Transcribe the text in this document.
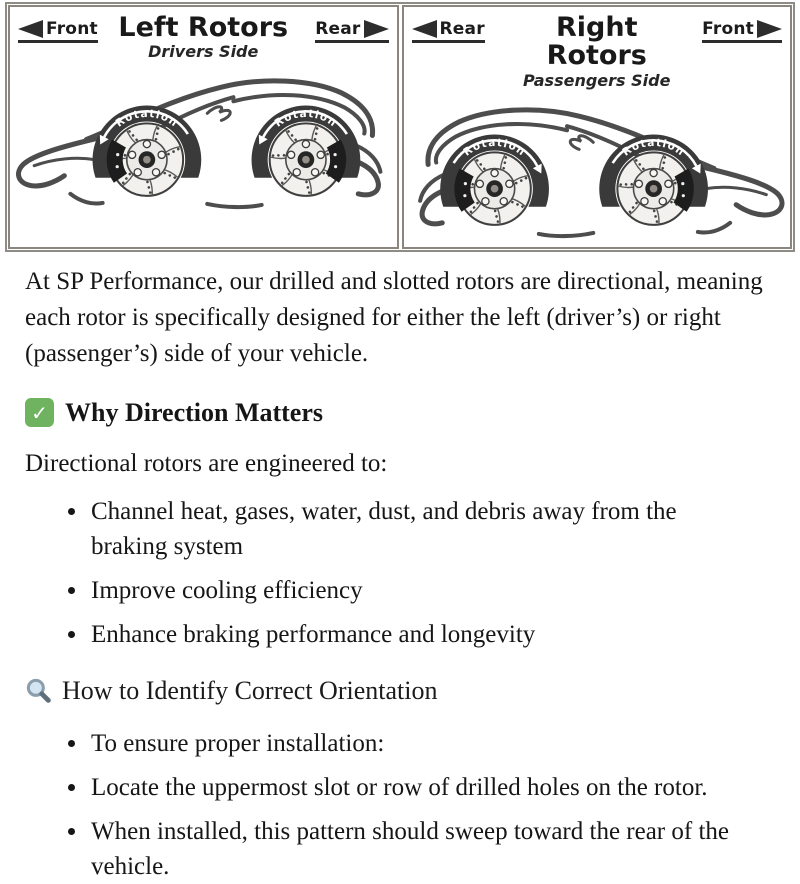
Front Left Rotors
Drivers Side
Rear
Rotation	Rotation
Rear	Right Rotors
Passengers Side
Front
Rotation	Rotation

At SP Performance, our drilled and slotted rotors are directional, meaning each rotor is specifically designed for either the left (driver’s) or right (passenger’s) side of your vehicle.

✓ Why Direction Matters

Directional rotors are engineered to:

• Channel heat, gases, water, dust, and debris away from the braking system
• Improve cooling efficiency
• Enhance braking performance and longevity
How to Identify Correct Orientation
• To ensure proper installation:
• Locate the uppermost slot or row of drilled holes on the rotor.
• When installed, this pattern should sweep toward the rear of the vehicle.
